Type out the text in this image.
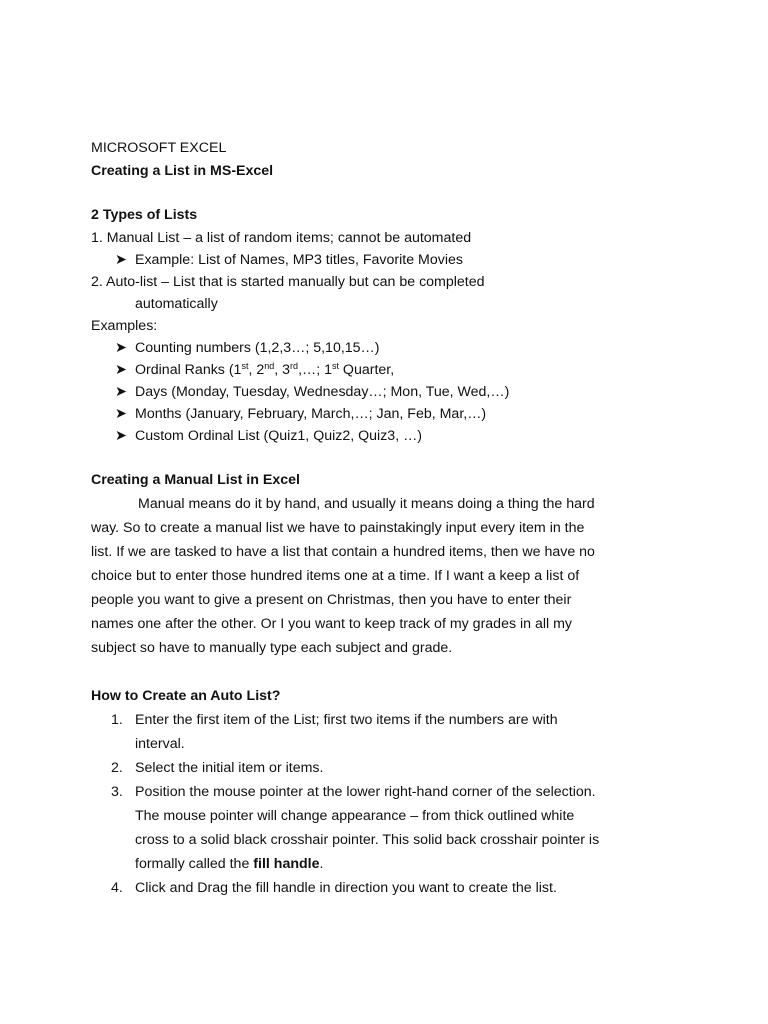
MICROSOFT EXCEL
Creating a List in MS-Excel
2 Types of Lists
1. Manual List – a list of random items; cannot be automated
➤ Example: List of Names, MP3 titles, Favorite Movies
2. Auto-list – List that is started manually but can be completed
automatically
Examples:
➤ Counting numbers (1,2,3…; 5,10,15…)
➤ Ordinal Ranks (1st, 2nd, 3rd,…; 1st Quarter,
➤ Days (Monday, Tuesday, Wednesday…; Mon, Tue, Wed,…)
➤ Months (January, February, March,…; Jan, Feb, Mar,…)
➤ Custom Ordinal List (Quiz1, Quiz2, Quiz3, …)
Creating a Manual List in Excel
Manual means do it by hand, and usually it means doing a thing the hard
way. So to create a manual list we have to painstakingly input every item in the
list. If we are tasked to have a list that contain a hundred items, then we have no
choice but to enter those hundred items one at a time. If I want a keep a list of
people you want to give a present on Christmas, then you have to enter their
names one after the other. Or I you want to keep track of my grades in all my
subject so have to manually type each subject and grade.
How to Create an Auto List?
1. Enter the first item of the List; first two items if the numbers are with
interval.
2. Select the initial item or items.
3. Position the mouse pointer at the lower right-hand corner of the selection.
The mouse pointer will change appearance – from thick outlined white
cross to a solid black crosshair pointer. This solid back crosshair pointer is
formally called the fill handle.
4. Click and Drag the fill handle in direction you want to create the list.
